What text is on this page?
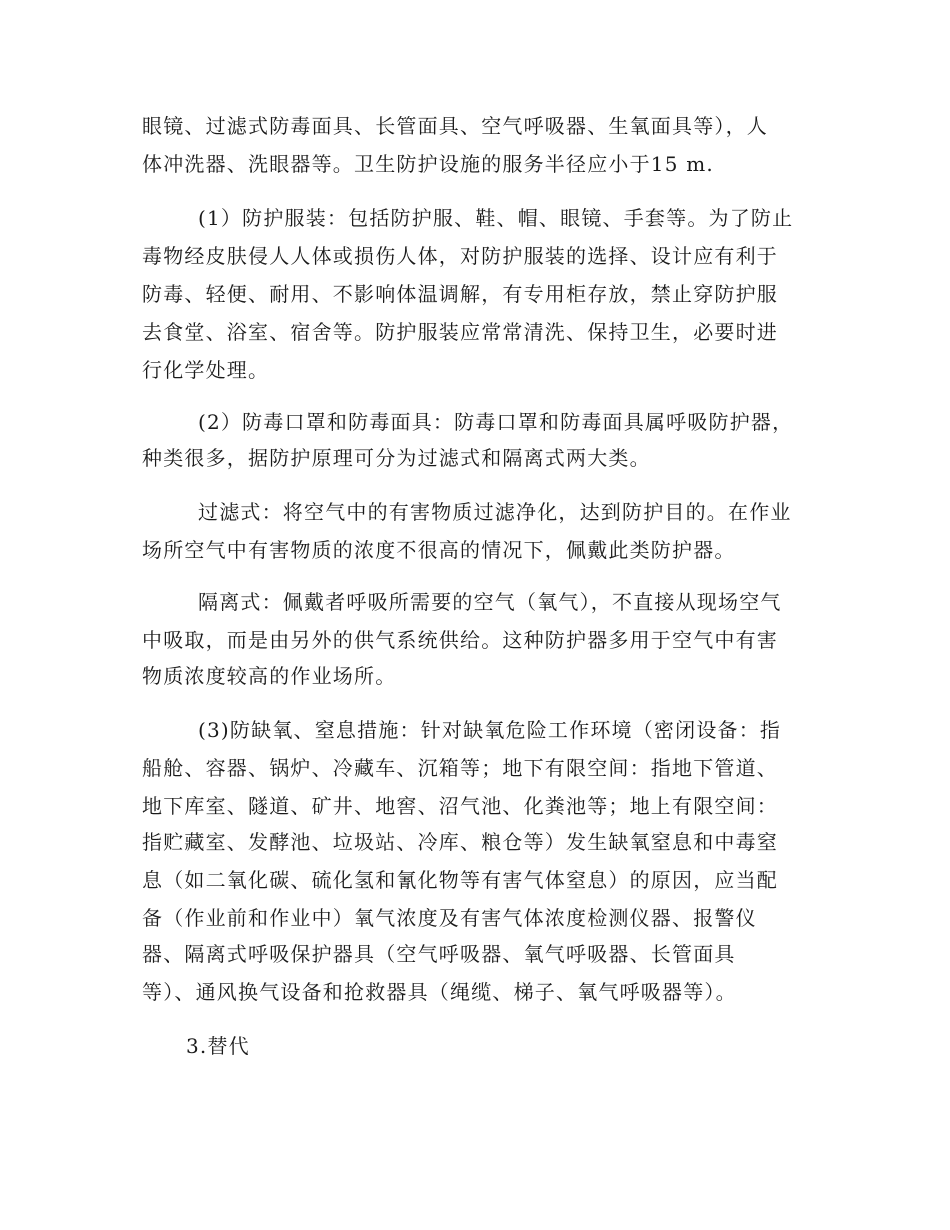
眼镜、过滤式防毒面具、长管面具、空气呼吸器、生氧面具等），人
体冲洗器、洗眼器等。卫生防护设施的服务半径应小于15 m.
(1）防护服装：包括防护服、鞋、帽、眼镜、手套等。为了防止
毒物经皮肤侵人人体或损伤人体，对防护服装的选择、设计应有利于
防毒、轻便、耐用、不影响体温调解，有专用柜存放，禁止穿防护服
去食堂、浴室、宿舍等。防护服装应常常清洗、保持卫生，必要时进
行化学处理。
(2）防毒口罩和防毒面具：防毒口罩和防毒面具属呼吸防护器，
种类很多，据防护原理可分为过滤式和隔离式两大类。
过滤式：将空气中的有害物质过滤净化，达到防护目的。在作业
场所空气中有害物质的浓度不很高的情况下，佩戴此类防护器。
隔离式：佩戴者呼吸所需要的空气（氧气），不直接从现场空气
中吸取，而是由另外的供气系统供给。这种防护器多用于空气中有害
物质浓度较高的作业场所。
(3)防缺氧、窒息措施：针对缺氧危险工作环境（密闭设备：指
船舱、容器、锅炉、冷藏车、沉箱等；地下有限空间：指地下管道、
地下库室、隧道、矿井、地窖、沼气池、化粪池等；地上有限空间：
指贮藏室、发酵池、垃圾站、冷库、粮仓等）发生缺氧窒息和中毒窒
息（如二氧化碳、硫化氢和氰化物等有害气体窒息）的原因，应当配
备（作业前和作业中）氧气浓度及有害气体浓度检测仪器、报警仪
器、隔离式呼吸保护器具（空气呼吸器、氧气呼吸器、长管面具
等）、通风换气设备和抢救器具（绳缆、梯子、氧气呼吸器等）。
3.替代
